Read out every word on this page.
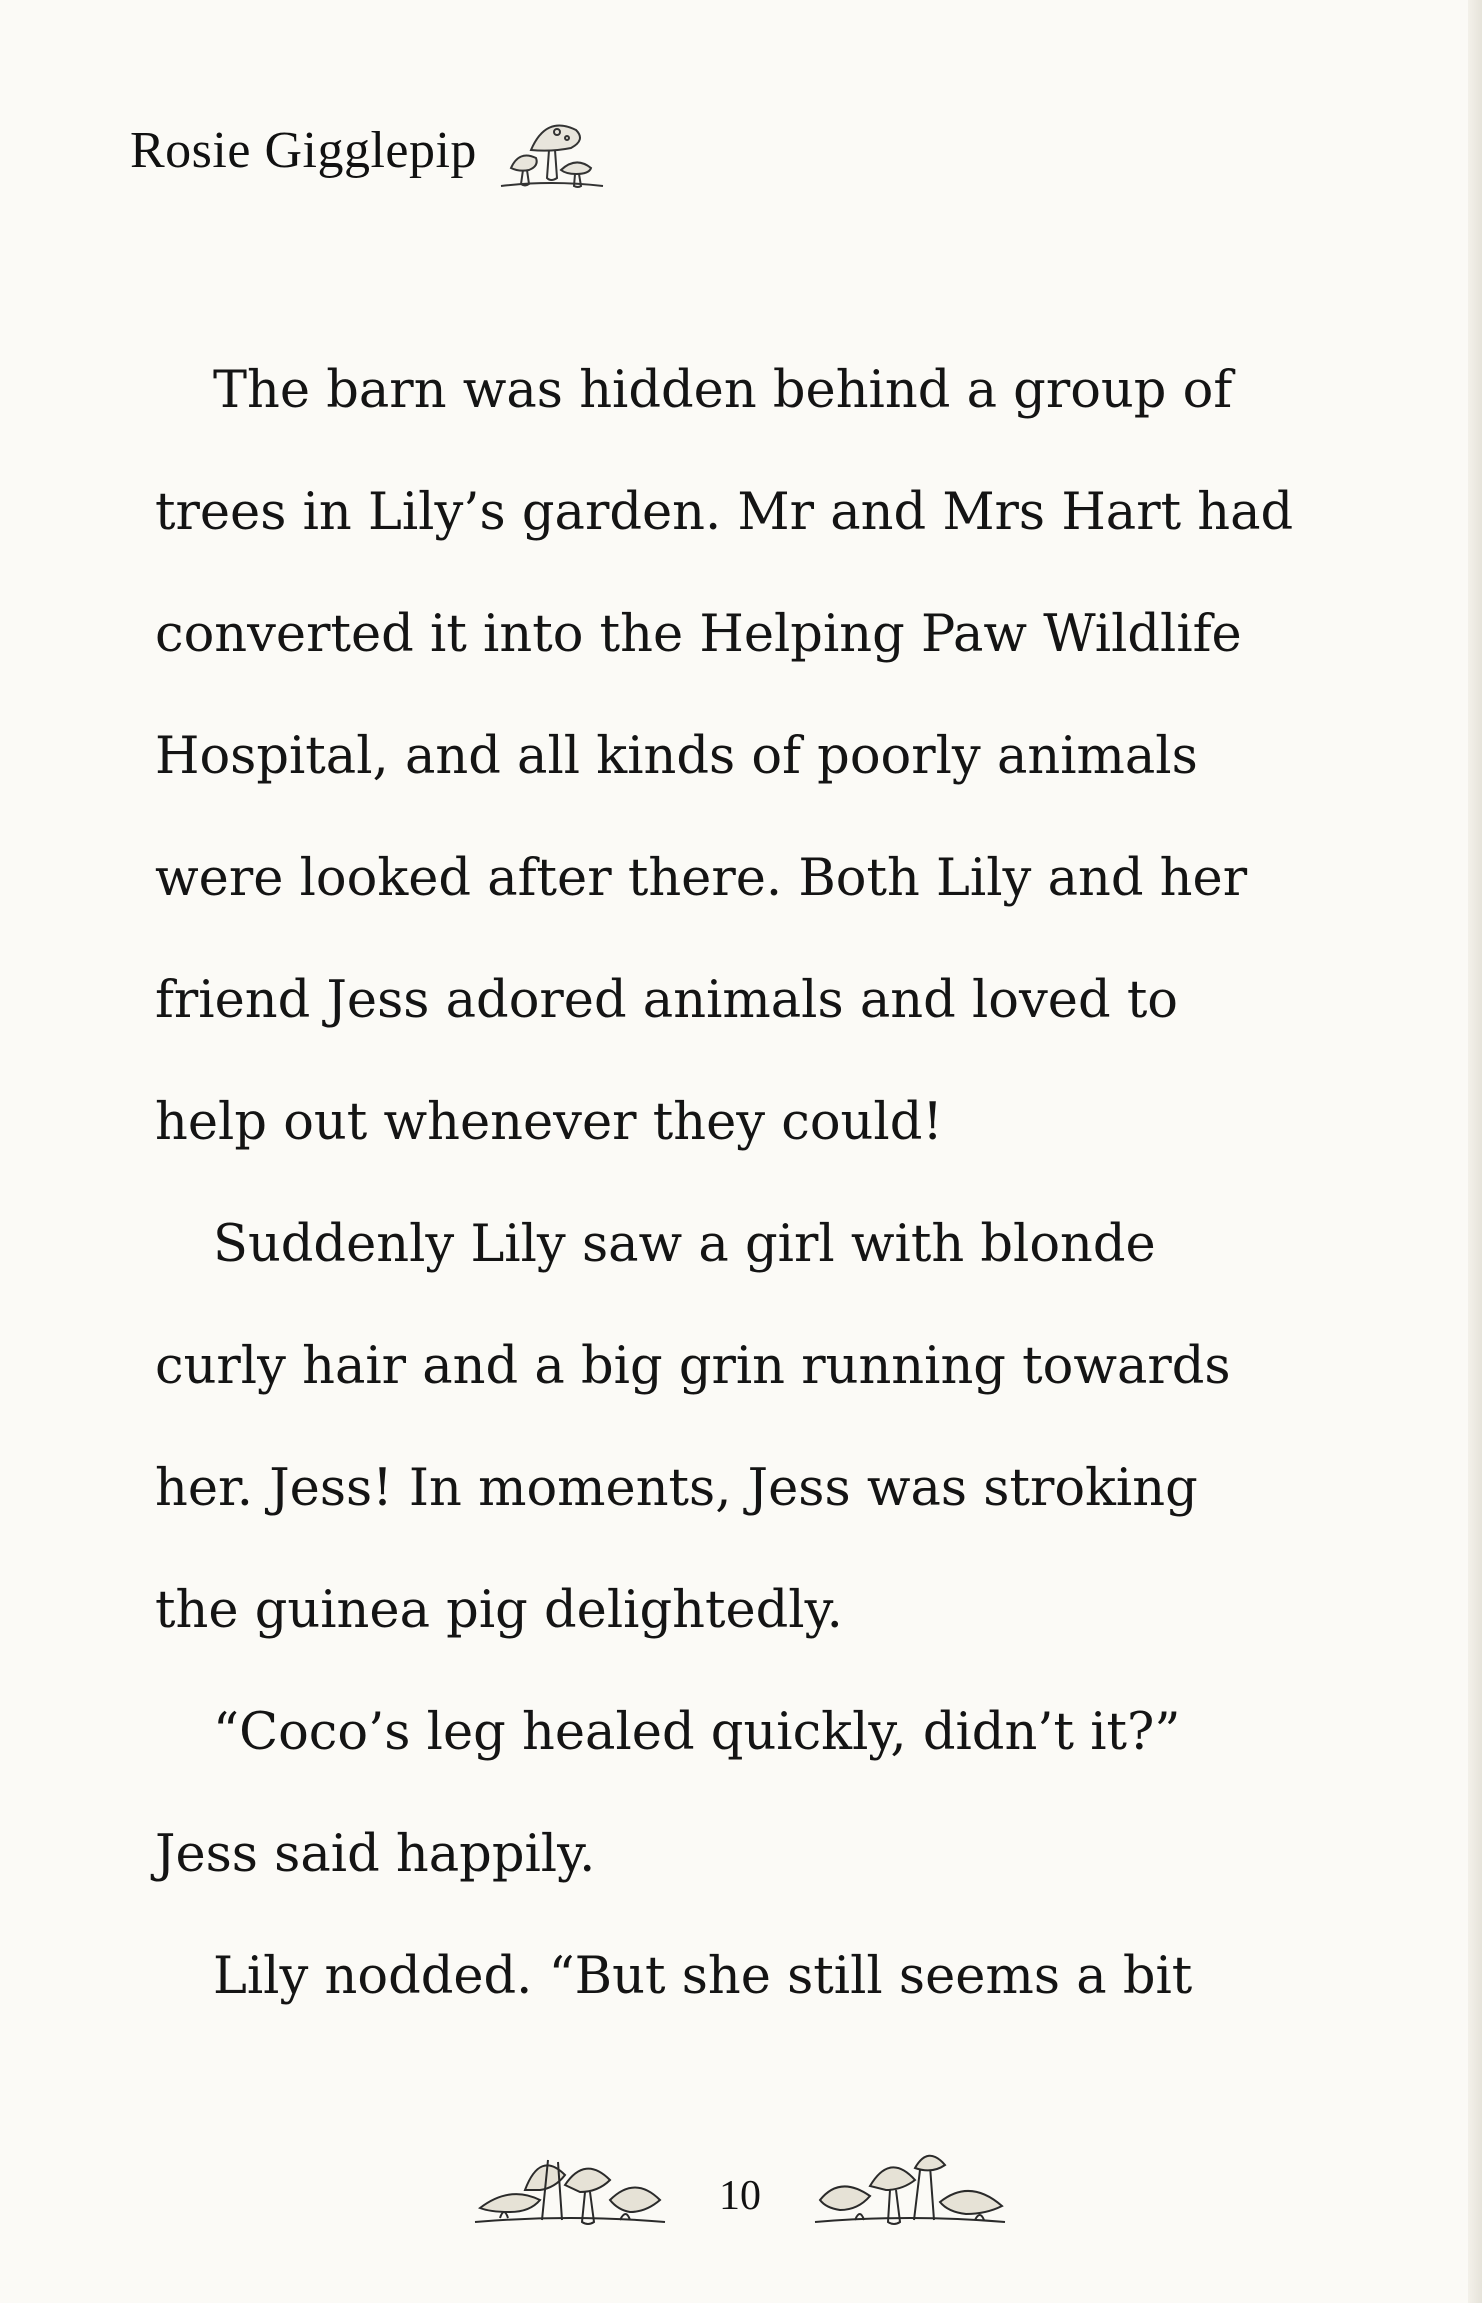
Rosie Gigglepip

The barn was hidden behind a group of trees in Lily’s garden. Mr and Mrs Hart had converted it into the Helping Paw Wildlife Hospital, and all kinds of poorly animals were looked after there. Both Lily and her friend Jess adored animals and loved to help out whenever they could!

Suddenly Lily saw a girl with blonde curly hair and a big grin running towards her. Jess! In moments, Jess was stroking the guinea pig delightedly.

“Coco’s leg healed quickly, didn’t it?” Jess said happily.

Lily nodded. “But she still seems a bit

10
